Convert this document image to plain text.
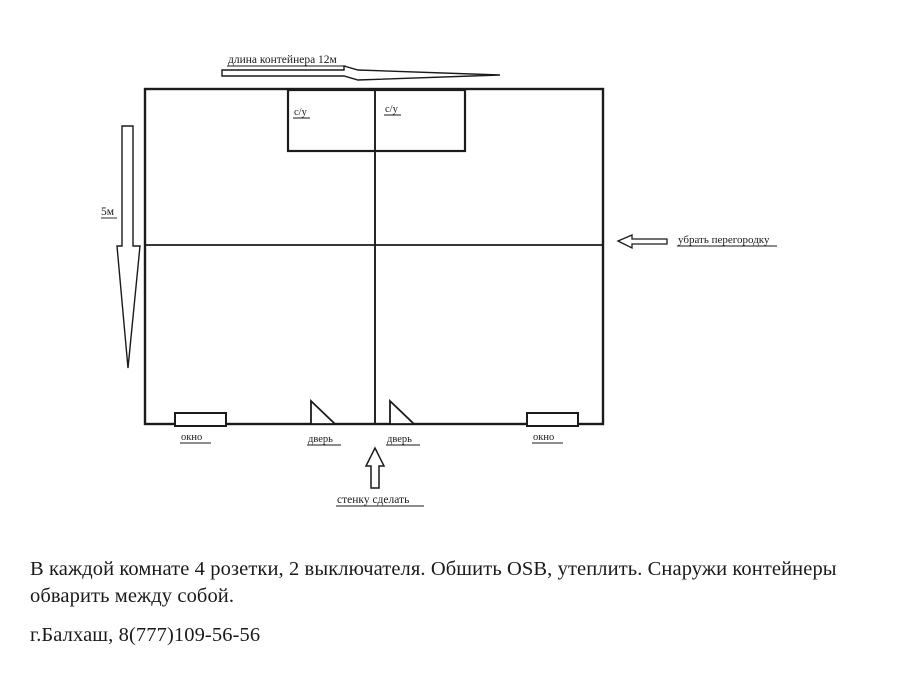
длина контейнера 12м
5м
с/у	с/у
убрать перегородку
окно	окно
дверь	дверь
стенку сделать
В каждой комнате 4 розетки, 2 выключателя. Обшить OSB, утеплить. Снаружи контейнеры обварить между собой.
г.Балхаш, 8(777)109-56-56
